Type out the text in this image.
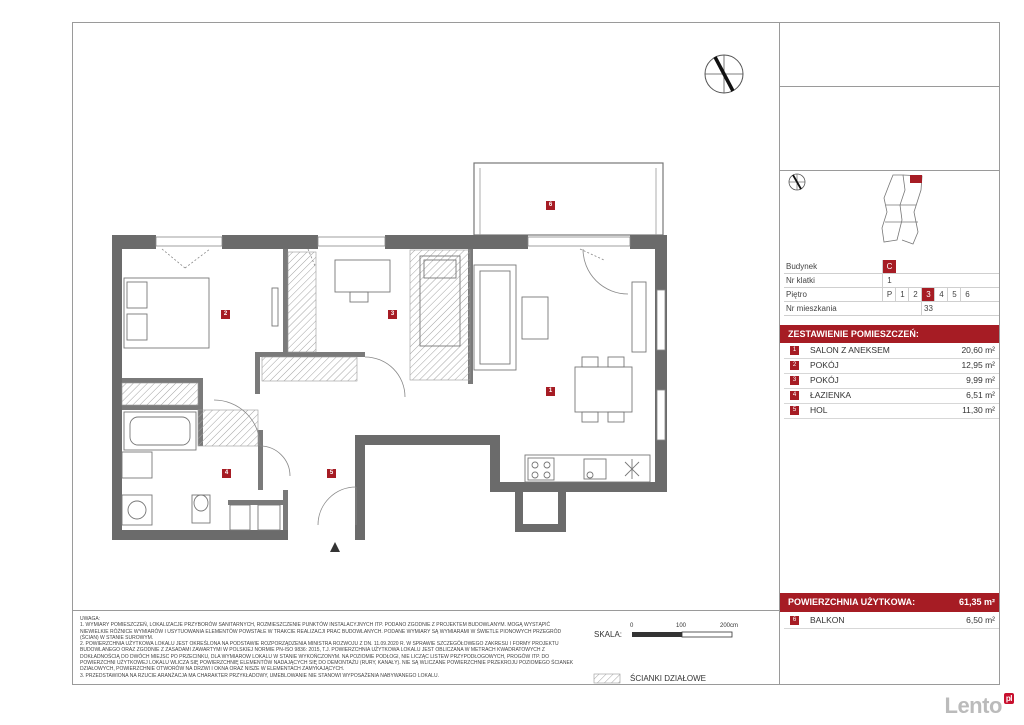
2	3
1
4	5
6
Budynek	C
Nr klatki	1
Piętro	P	1	2	3	4	5	6
Nr mieszkania	33
ZESTAWIENIE POMIESZCZEŃ:
1	SALON Z ANEKSEM	20,60 m²
2	POKÓJ	12,95 m²
3	POKÓJ	9,99 m²
4	ŁAZIENKA	6,51 m²
5	HOL	11,30 m²
POWIERZCHNIA UŻYTKOWA:	61,35 m²
6	BALKON	6,50 m²
UWAGA:
1. WYMIARY POMIESZCZEŃ, LOKALIZACJE PRZYBORÓW SANITARNYCH, ROZMIESZCZENIE PUNKTÓW INSTALACYJNYCH ITP. PODANO ZGODNIE Z PROJEKTEM BUDOWLANYM. MOGĄ WYSTĄPIĆ NIEWIELKIE RÓŻNICE WYMIARÓW I USYTUOWANIA ELEMENTÓW POWSTAŁE W TRAKCIE REALIZACJI PRAC BUDOWLANYCH. PODANE WYMIARY SĄ WYMIARAMI W ŚWIETLE PIONOWYCH PRZEGRÓD (ŚCIAN) W STANIE SUROWYM.
2. POWIERZCHNIA UŻYTKOWA LOKALU JEST OKREŚLONA NA PODSTAWIE ROZPORZĄDZENIA MINISTRA ROZWOJU Z DN. 11.09.2020 R. W SPRAWIE SZCZEGÓŁOWEGO ZAKRESU I FORMY PROJEKTU BUDOWLANEGO ORAZ ZGODNIE Z ZASADAMI ZAWARTYMI W POLSKIEJ NORMIE PN-ISO 9836: 2015, T.J. POWIERZCHNIA UŻYTKOWA LOKALU JEST OBLICZANA W METRACH KWADRATOWYCH Z DOKŁADNOŚCIĄ DO DWÓCH MIEJSC PO PRZECINKU, DLA WYMIAROW LOKALU W STANIE WYKOŃCZONYM. NA POZIOMIE PODŁOGI, NIE LICZĄC LISTEW PRZYPODŁOGOWYCH, PROGÓW ITP. DO POWIERZCHNI UŻYTKOWEJ LOKALU WLICZA SIĘ POWIERZCHNIĘ ELEMENTÓW NADAJĄCYCH SIĘ DO DEMONTAŻU (RURY, KANAŁY). NIE SĄ WLICZANE POWIERZCHNIE PRZEKROJU POZIOMEGO ŚCIANEK DZIAŁOWYCH, POWIERZCHNIE OTWORÓW NA DRZWI I OKNA ORAZ NISZE W ELEMENTACH ZAMYKAJĄCYCH.
3. PRZEDSTAWIONA NA RZUCIE ARANŻACJA MA CHARAKTER PRZYKŁADOWY, UMEBLOWANIE NIE STANOWI WYPOSAŻENIA NABYWANEGO LOKALU.
SKALA:
0	100	200cm
ŚCIANKI DZIAŁOWE
Lento pl
